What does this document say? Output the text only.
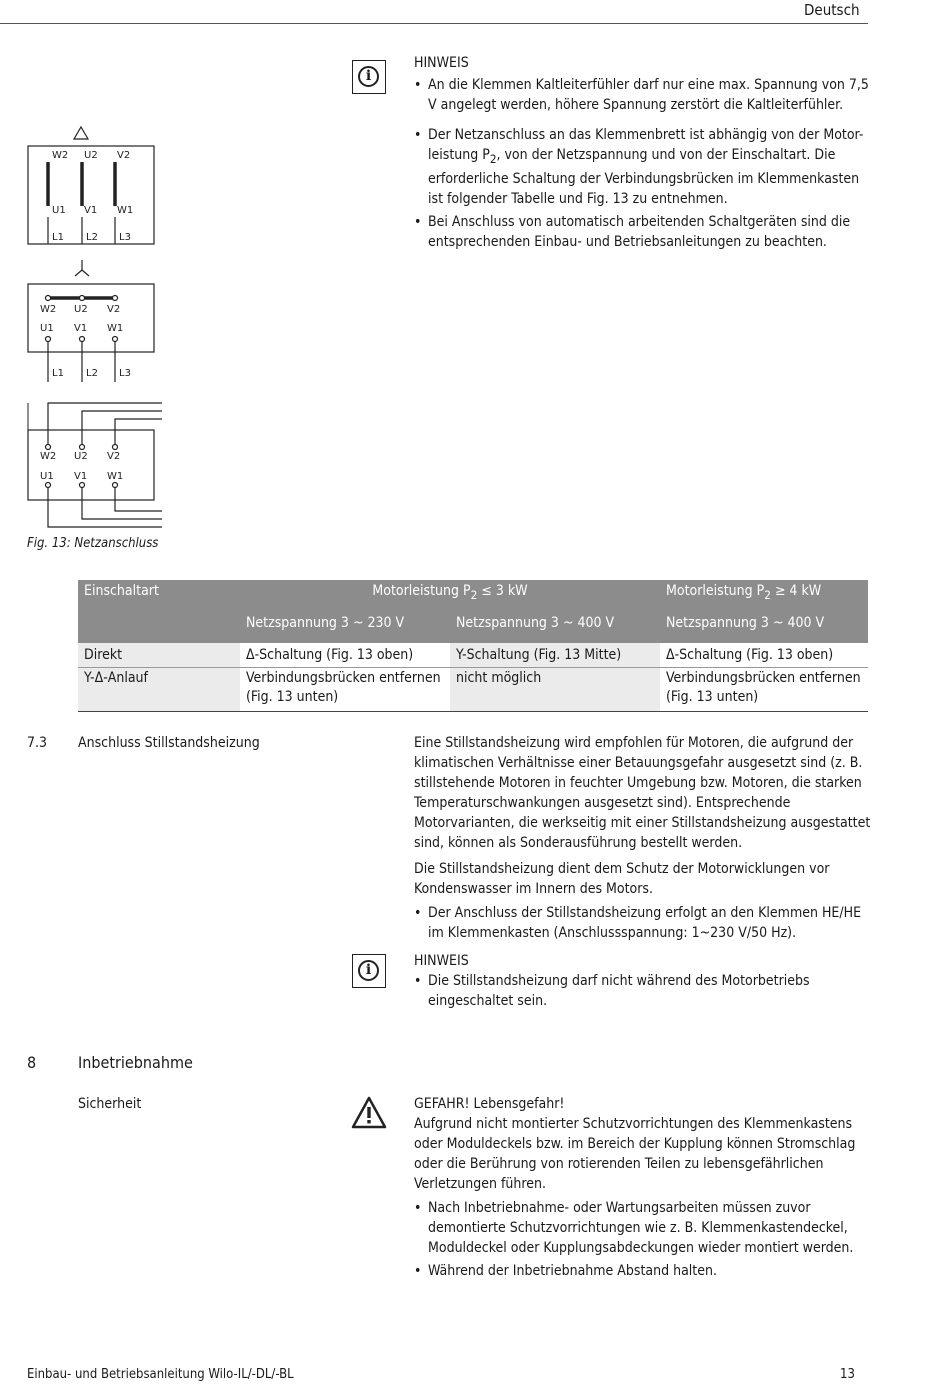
Deutsch
i
HINWEIS
• An die Klemmen Kaltleiterfühler darf nur eine max. Spannung von 7,5 V angelegt werden, höhere Spannung zerstört die Kaltleiterfühler.
• Der Netzanschluss an das Klemmenbrett ist abhängig von der Motor-leistung $P_2$, von der Netzspannung und von der Einschaltart. Die erforderliche Schaltung der Verbindungsbrücken im Klemmenkasten ist folgender Tabelle und Fig. 13 zu entnehmen.
• Bei Anschluss von automatisch arbeitenden Schaltgeräten sind die entsprechenden Einbau- und Betriebsanleitungen zu beachten.
W2 U2 V2
U1 V1 W1
L1 L2 L3
W2 U2 V2
U1 V1 W1
L1 L2 L3
W2 U2 V2
U1 V1 W1
Fig. 13: Netzanschluss
Einschaltart	Motorleistung $P_2 \le 3$ kW		Motorleistung $P_2 \ge 4$ kW
	Netzspannung 3 ~ 230 V	Netzspannung 3 ~ 400 V	Netzspannung 3 ~ 400 V
Direkt	Δ-Schaltung (Fig. 13 oben)	Y-Schaltung (Fig. 13 Mitte)	Δ-Schaltung (Fig. 13 oben)
Y-Δ-Anlauf	Verbindungsbrücken entfernen (Fig. 13 unten)	nicht möglich	Verbindungsbrücken entfernen (Fig. 13 unten)
7.3 Anschluss Stillstandsheizung	Eine Stillstandsheizung wird empfohlen für Motoren, die aufgrund der klimatischen Verhältnisse einer Betauungsgefahr ausgesetzt sind (z. B. stillstehende Motoren in feuchter Umgebung bzw. Motoren, die starken Temperaturschwankungen ausgesetzt sind). Entsprechende Motorvarianten, die werkseitig mit einer Stillstandsheizung ausgestattet sind, können als Sonderausführung bestellt werden.
Die Stillstandsheizung dient dem Schutz der Motorwicklungen vor Kondenswasser im Innern des Motors.
• Der Anschluss der Stillstandsheizung erfolgt an den Klemmen HE/HE im Klemmenkasten (Anschlussspannung: 1~230 V/50 Hz).
i
HINWEIS
• Die Stillstandsheizung darf nicht während des Motorbetriebs eingeschaltet sein.
8	Inbetriebnahme
Sicherheit	GEFAHR! Lebensgefahr!
Aufgrund nicht montierter Schutzvorrichtungen des Klemmenkastens oder Moduldeckels bzw. im Bereich der Kupplung können Stromschlag oder die Berührung von rotierenden Teilen zu lebensgefährlichen Verletzungen führen.
• Nach Inbetriebnahme- oder Wartungsarbeiten müssen zuvor demontierte Schutzvorrichtungen wie z. B. Klemmenkastendeckel, Moduldeckel oder Kupplungsabdeckungen wieder montiert werden.
• Während der Inbetriebnahme Abstand halten.
Einbau- und Betriebsanleitung Wilo-IL/-DL/-BL	13
